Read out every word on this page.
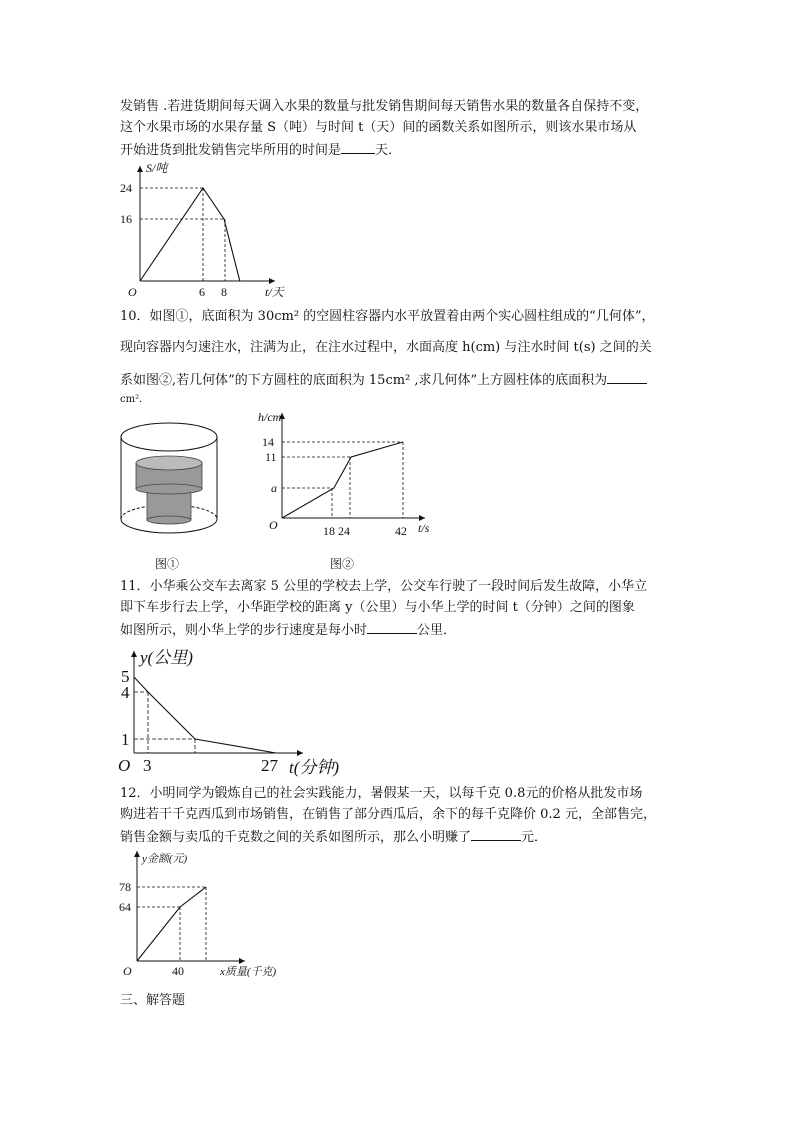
发销售 .若进货期间每天调入水果的数量与批发销售期间每天销售水果的数量各自保持不变，
这个水果市场的水果存量 S（吨）与时间 t（天）间的函数关系如图所示，则该水果市场从
开始进货到批发销售完毕所用的时间是	天．
S/吨
24
16
O	6 8	t/天
10．如图①，底面积为 30cm² 的空圆柱容器内水平放置着由两个实心圆柱组成的“几何体”，
现向容器内匀速注水，注满为止，在注水过程中，水面高度 h(cm) 与注水时间 t(s) 之间的关
系如图②,若几何体”的下方圆柱的底面积为 15cm² ,求几何体”上方圆柱体的底面积为
cm²．
图①
h/cm
14
11
a
O	18 24	42 t/s
图②
11．小华乘公交车去离家 5 公里的学校去上学，公交车行驶了一段时间后发生故障，小华立
即下车步行去上学，小华距学校的距离 y（公里）与小华上学的时间 t（分钟）之间的图象
如图所示，则小华上学的步行速度是每小时	公里．
y(公里)
5
4
1
O 3	27 t(分钟)
12．小明同学为锻炼自己的社会实践能力，暑假某一天，以每千克 0.8元的价格从批发市场
购进若干千克西瓜到市场销售，在销售了部分西瓜后，余下的每千克降价 0.2 元，全部售完，
销售金额与卖瓜的千克数之间的关系如图所示，那么小明赚了	元．
y金额(元)
78
64
O	40	x质量(千克)
三、解答题
